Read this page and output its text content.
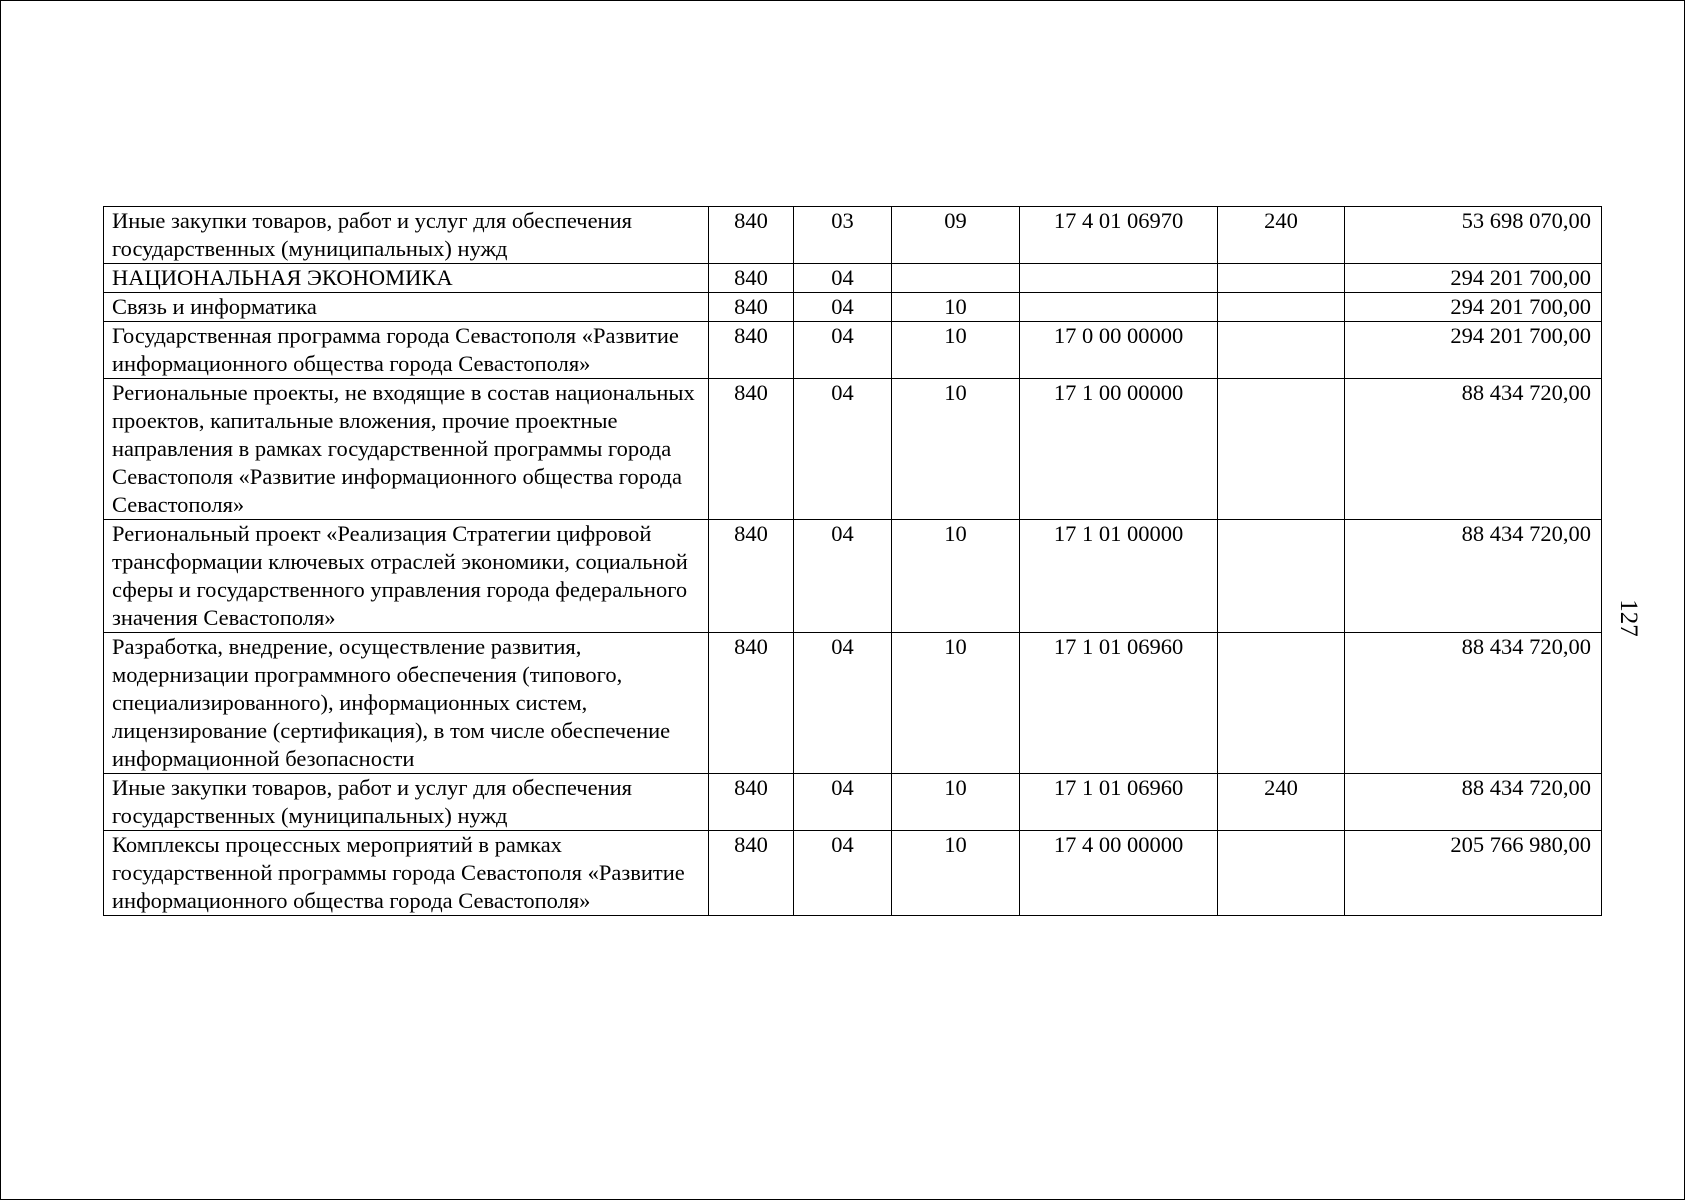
Иные закупки товаров, работ и услуг для обеспечения государственных (муниципальных) нужд	840	03	09	17 4 01 06970	240	53 698 070,00
НАЦИОНАЛЬНАЯ ЭКОНОМИКА	840	04				294 201 700,00
Связь и информатика	840	04	10			294 201 700,00
Государственная программа города Севастополя «Развитие информационного общества города Севастополя»	840	04	10	17 0 00 00000		294 201 700,00
Региональные проекты, не входящие в состав национальных проектов, капитальные вложения, прочие проектные направления в рамках государственной программы города Севастополя «Развитие информационного общества города Севастополя»	840	04	10	17 1 00 00000		88 434 720,00
Региональный проект «Реализация Стратегии цифровой трансформации ключевых отраслей экономики, социальной сферы и государственного управления города федерального значения Севастополя»	840	04	10	17 1 01 00000		88 434 720,00
Разработка, внедрение, осуществление развития, модернизации программного обеспечения (типового, специализированного), информационных систем, лицензирование (сертификация), в том числе обеспечение информационной безопасности	840	04	10	17 1 01 06960		88 434 720,00
Иные закупки товаров, работ и услуг для обеспечения государственных (муниципальных) нужд	840	04	10	17 1 01 06960	240	88 434 720,00
Комплексы процессных мероприятий в рамках государственной программы города Севастополя «Развитие информационного общества города Севастополя»	840	04	10	17 4 00 00000		205 766 980,00
127
